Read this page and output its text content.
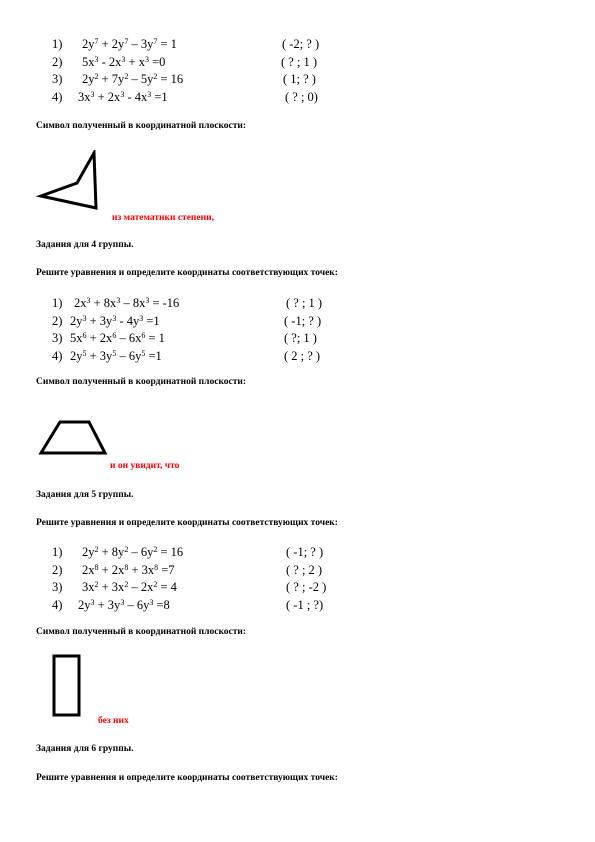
1) $2y^7 + 2y^7 - 3y^7 = 1$	( -2; ? )
2) $5x^3 - 2x^3 + x^3 =0$	( ? ; 1 )
3) $2y^2 + 7y^2 - 5y^2 = 16$	( 1; ? )
4) $3x^3 + 2x^3 - 4x^3 =1$	( ? ; 0)
Символ полученный в координатной плоскости:
из математики степени,
Задания для 4 группы.
Решите уравнения и определите координаты соответствующих точек:
1) $2x^3 + 8x^3 - 8x^3 = -16$	( ? ; 1 )
2) $2y^3 + 3y^3 - 4y^3 =1$	( -1; ? )
3) $5x^6 + 2x^6 - 6x^6 = 1$	( ?; 1 )
4) $2y^5 + 3y^5 - 6y^5 =1$	( 2 ; ? )
Символ полученный в координатной плоскости:
и он увидит, что
Задания для 5 группы.
Решите уравнения и определите координаты соответствующих точек:
1) $2y^2 + 8y^2 - 6y^2 = 16$	( -1; ? )
2) $2x^8 + 2x^8 + 3x^8 =7$	( ? ; 2 )
3) $3x^2 + 3x^2 - 2x^2 = 4$	( ? ; -2 )
4) $2y^3 + 3y^3 - 6y^3 =8$	( -1 ; ?)
Символ полученный в координатной плоскости:
без них
Задания для 6 группы.
Решите уравнения и определите координаты соответствующих точек:
